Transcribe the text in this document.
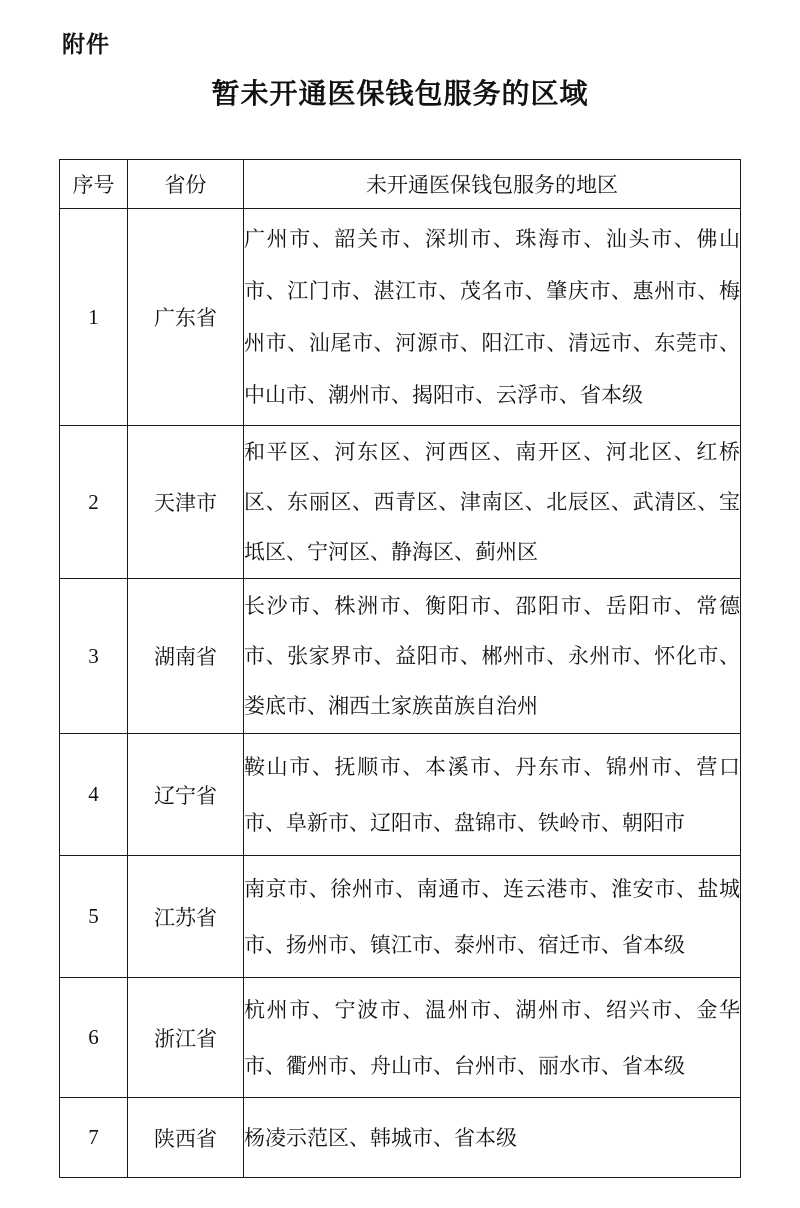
附件
暂未开通医保钱包服务的区域
序号	省份	未开通医保钱包服务的地区
1	广东省	广州市、韶关市、深圳市、珠海市、汕头市、佛山市、江门市、湛江市、茂名市、肇庆市、惠州市、梅州市、汕尾市、河源市、阳江市、清远市、东莞市、中山市、潮州市、揭阳市、云浮市、省本级
2	天津市	和平区、河东区、河西区、南开区、河北区、红桥区、东丽区、西青区、津南区、北辰区、武清区、宝坻区、宁河区、静海区、蓟州区
3	湖南省	长沙市、株洲市、衡阳市、邵阳市、岳阳市、常德市、张家界市、益阳市、郴州市、永州市、怀化市、娄底市、湘西土家族苗族自治州
4	辽宁省	鞍山市、抚顺市、本溪市、丹东市、锦州市、营口市、阜新市、辽阳市、盘锦市、铁岭市、朝阳市
5	江苏省	南京市、徐州市、南通市、连云港市、淮安市、盐城市、扬州市、镇江市、泰州市、宿迁市、省本级
6	浙江省	杭州市、宁波市、温州市、湖州市、绍兴市、金华市、衢州市、舟山市、台州市、丽水市、省本级
7	陕西省	杨凌示范区、韩城市、省本级
